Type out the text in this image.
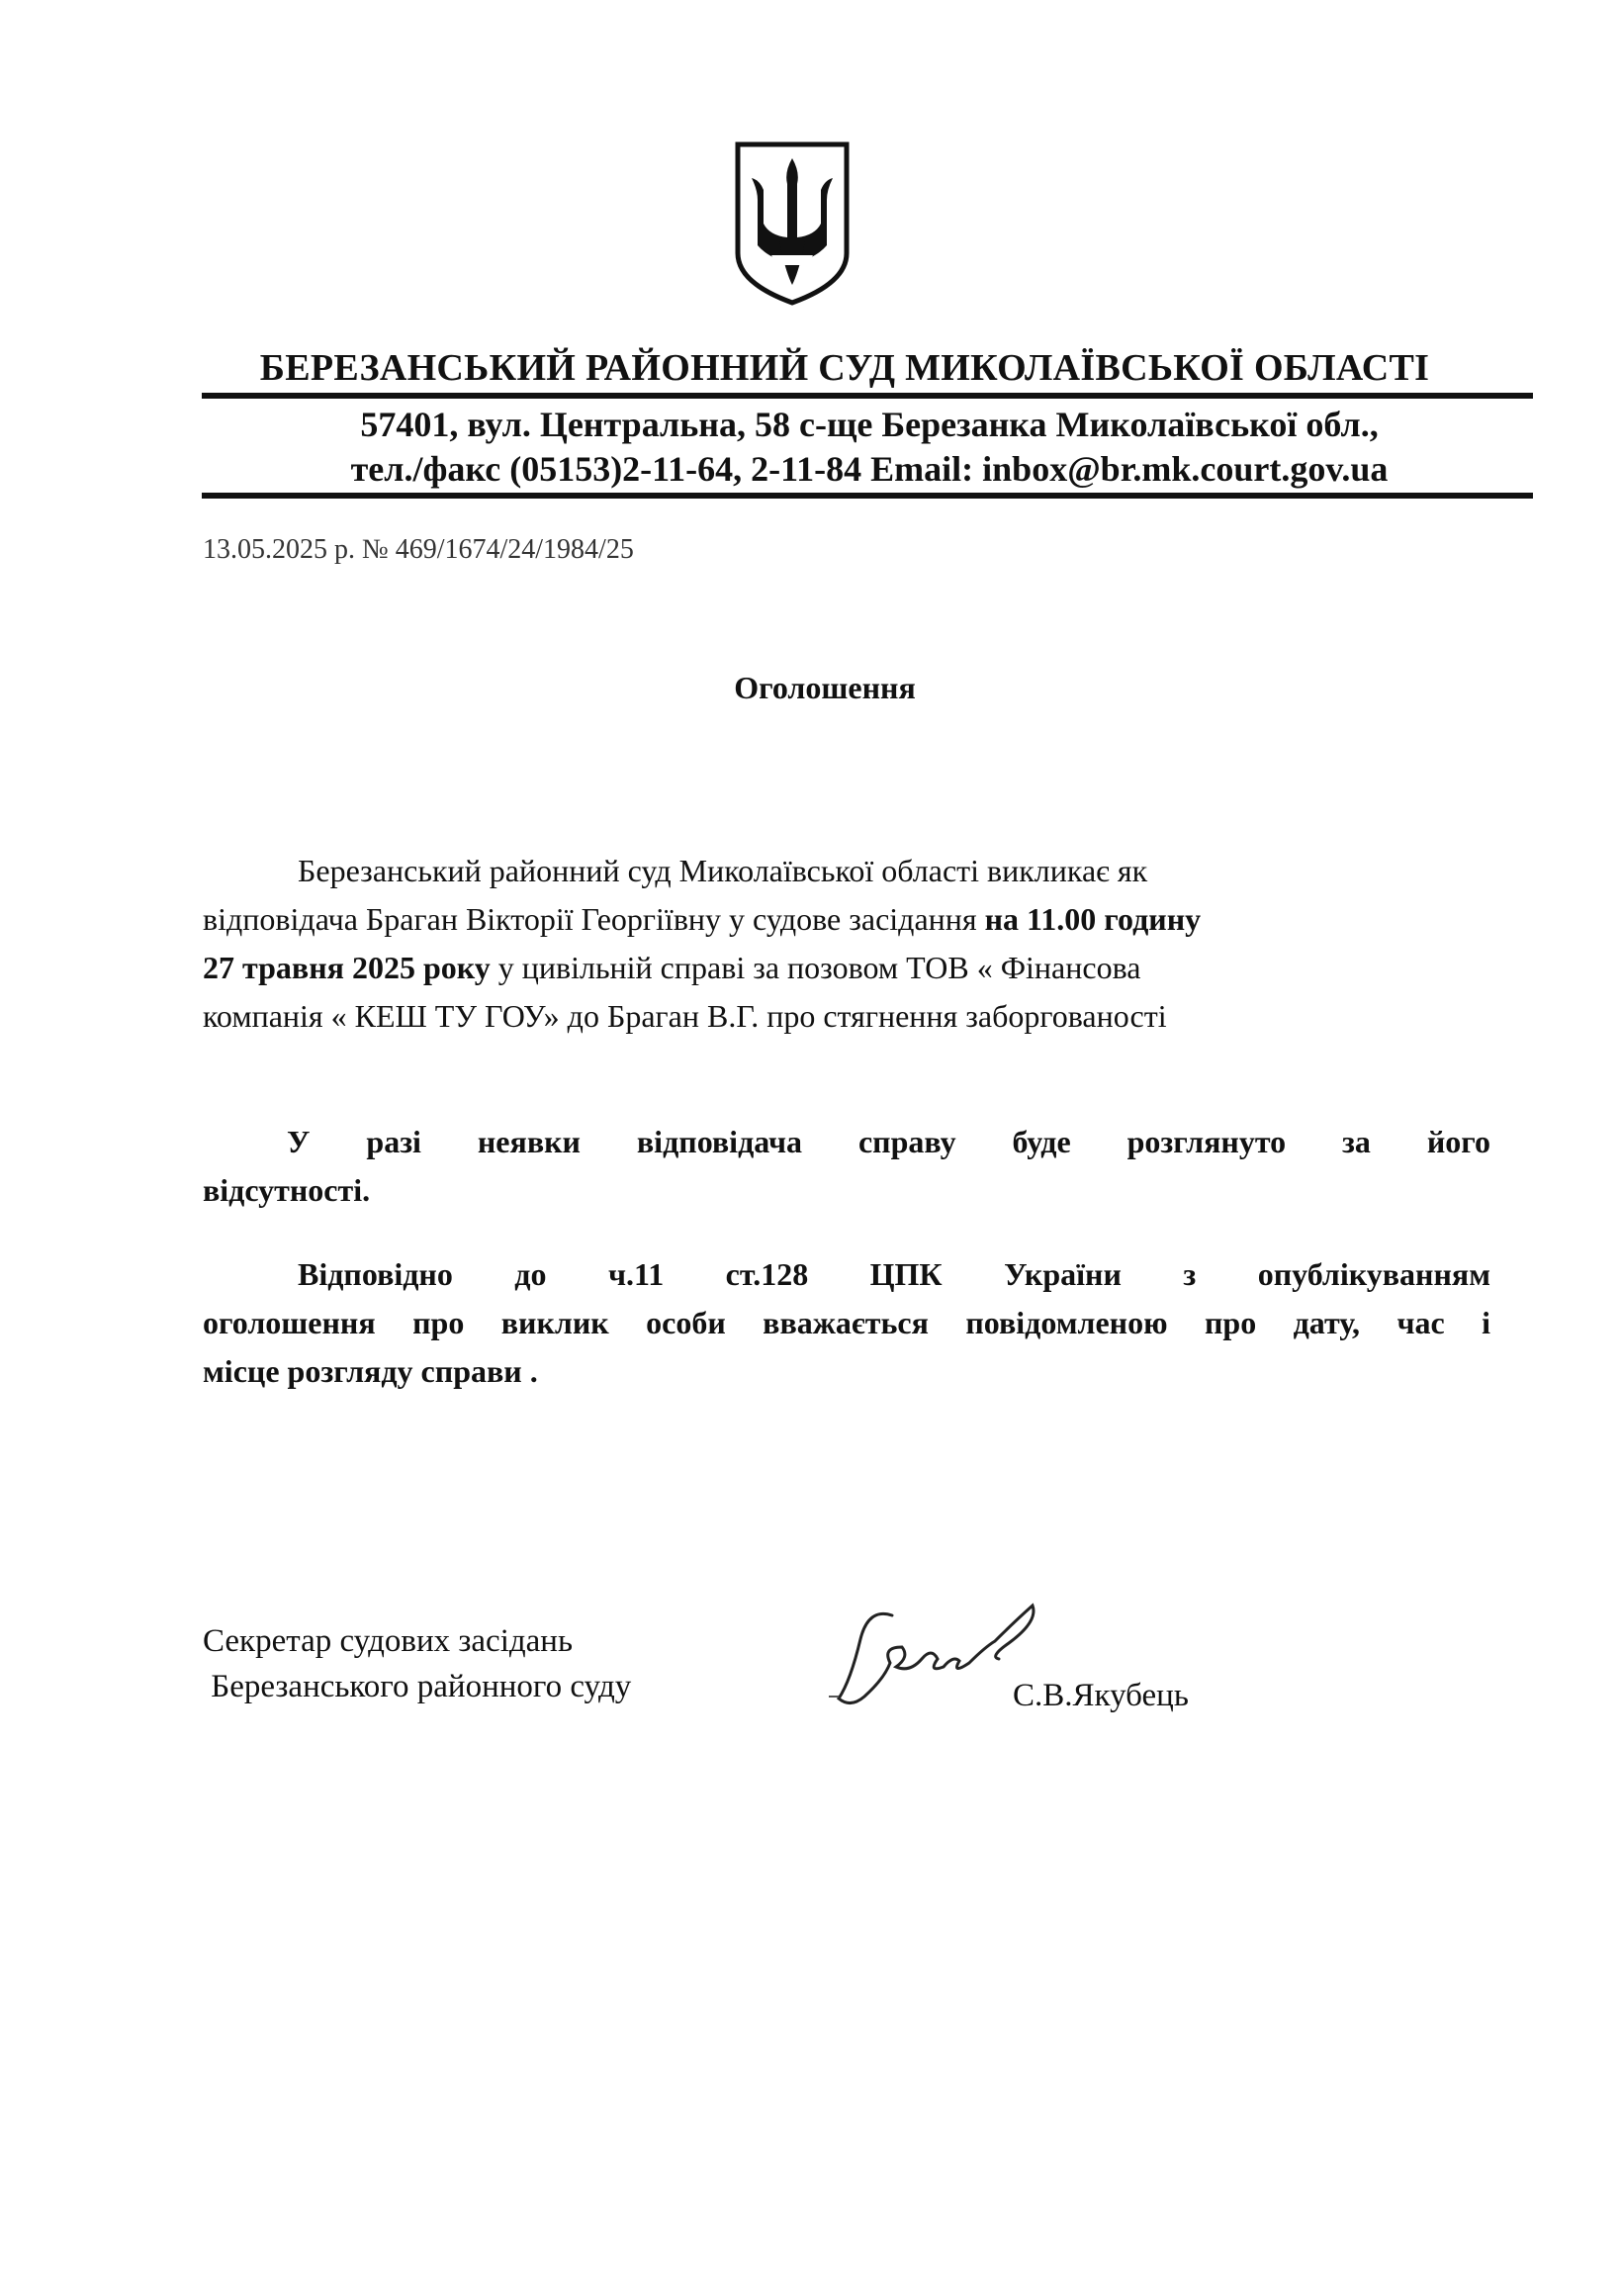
БЕРЕЗАНСЬКИЙ РАЙОННИЙ СУД МИКОЛАЇВСЬКОЇ ОБЛАСТІ
57401, вул. Центральна, 58 с-ще Березанка Миколаївської обл.,
тел./факс (05153)2-11-64, 2-11-84 Email: inbox@br.mk.court.gov.ua
13.05.2025 р. № 469/1674/24/1984/25
Оголошення
Березанський районний суд Миколаївської області викликає як
відповідача Браган Вікторії Георгіївну у судове засідання на 11.00 годину
27 травня 2025 року у цивільній справі за позовом ТОВ « Фінансова
компанія « КЕШ ТУ ГОУ» до Браган В.Г. про стягнення заборгованості
У разі неявки відповідача справу буде розглянуто за його
відсутності.
Відповідно до ч.11 ст.128 ЦПК України з опублікуванням
оголошення про виклик особи вважається повідомленою про дату, час і
місце розгляду справи .
Секретар судових засідань
Березанського районного суду	С.В.Якубець
